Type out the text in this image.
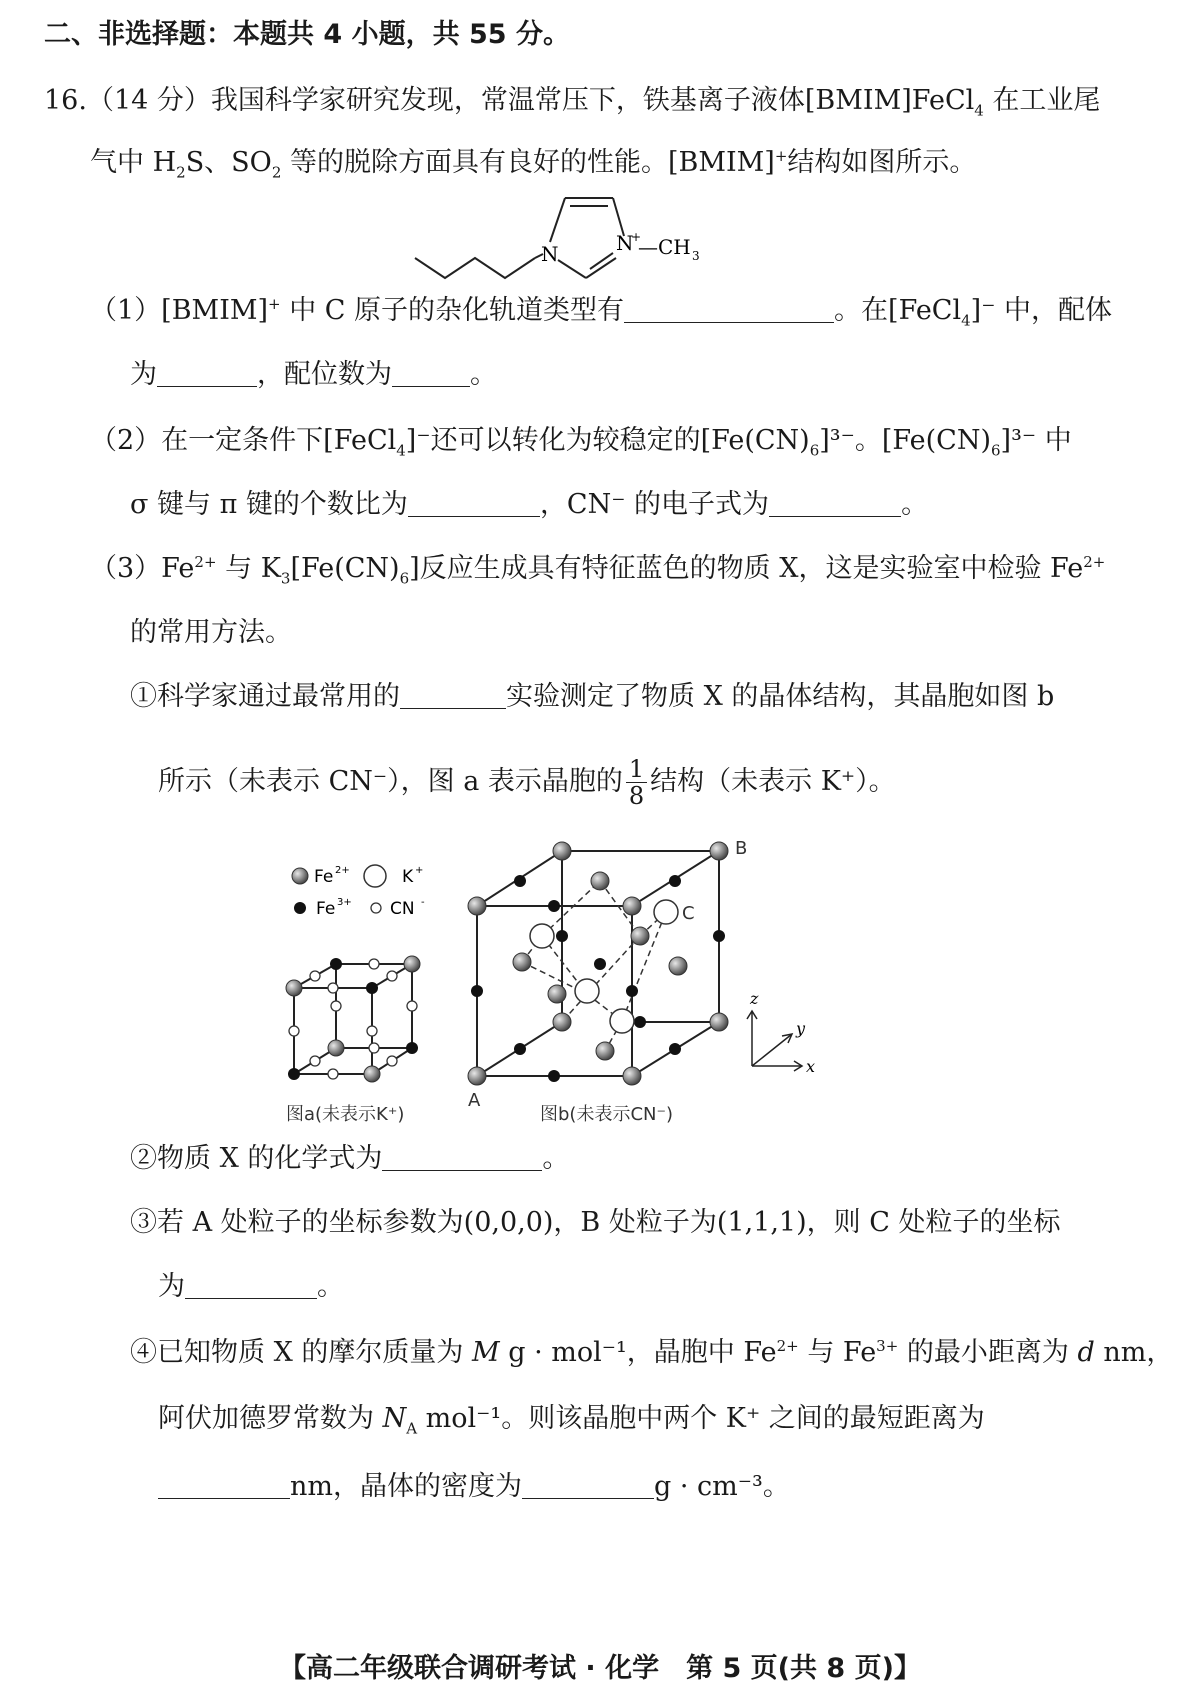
二、非选择题：本题共 4 小题，共 55 分。
16.（14 分）我国科学家研究发现，常温常压下，铁基离子液体[BMIM]FeCl$_4$ 在工业尾
气中 $H_2S$、$SO_2$ 等的脱除方面具有良好的性能。[BMIM]+结构如图所示。
N	N
+
—CH 3
（1）[BMIM]+ 中 C 原子的杂化轨道类型有	。在[FeCl$_4$]⁻ 中，配体
为	，配位数为	。
（2）在一定条件下[FeCl$_4$]⁻还可以转化为较稳定的$[Fe(CN)_6]^{3-}$。$[Fe(CN)_6]^{3-}$ 中
σ 键与 π 键的个数比为	，CN⁻ 的电子式为	。
$(3)Fe^{2+}$ 与 $K_3[Fe(CN)_6]$反应生成具有特征蓝色的物质 X，这是实验室中检验 $Fe^{2+}$
的常用方法。
①科学家通过最常用的	实验测定了物质 X 的晶体结构，其晶胞如图 b
所示（未表示 CN⁻），图 a 表示晶胞的 $\frac{1}{8}$ 结构（未表示 K⁺）。
Fe 2+	K +
Fe 3+ CN -
图a(未表示K⁺)
A
B
C
图b(未表示CN⁻)
z
y
x
②物质 X 的化学式为	。
③若 A 处粒子的坐标参数为(0,0,0)，B 处粒子为(1,1,1)，则 C 处粒子的坐标
为	。
④已知物质 X 的摩尔质量为 M g · mol⁻¹，晶胞中 $Fe^{2+}$ 与 $Fe^{3+}$ 的最小距离为 d nm，
阿伏加德罗常数为 $N_A$ mol⁻¹。则该晶胞中两个 K⁺ 之间的最短距离为
nm，晶体的密度为	g · cm⁻³。
【高二年级联合调研考试 · 化学　第 5 页(共 8 页)】
